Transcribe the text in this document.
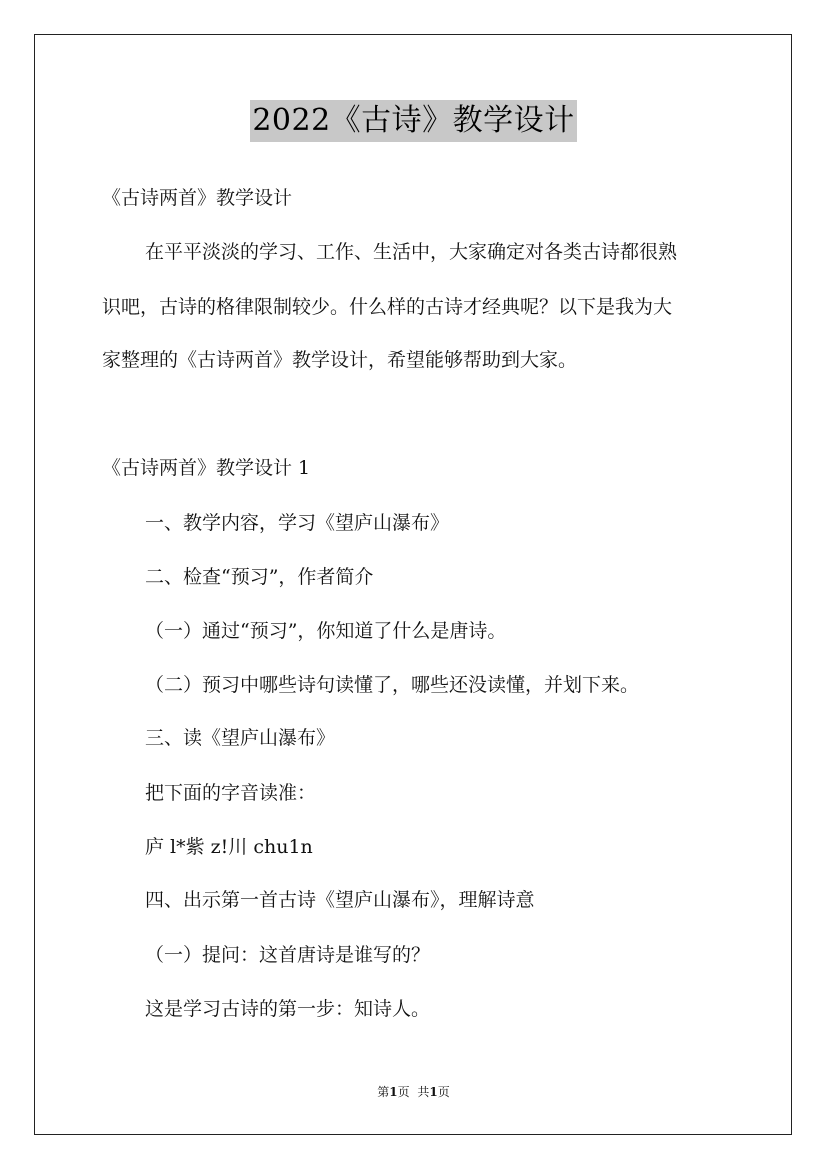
2022《古诗》教学设计
《古诗两首》教学设计
在平平淡淡的学习、工作、生活中，大家确定对各类古诗都很熟
识吧，古诗的格律限制较少。什么样的古诗才经典呢？以下是我为大
家整理的《古诗两首》教学设计，希望能够帮助到大家。
《古诗两首》教学设计 1
一、教学内容，学习《望庐山瀑布》
二、检查“预习”，作者简介
（一）通过“预习”，你知道了什么是唐诗。
（二）预习中哪些诗句读懂了，哪些还没读懂，并划下来。
三、读《望庐山瀑布》
把下面的字音读准：
庐 l*紫 z!川 chu1n
四、出示第一首古诗《望庐山瀑布》，理解诗意
（一）提问：这首唐诗是谁写的？
这是学习古诗的第一步：知诗人。
第1页 共1页
